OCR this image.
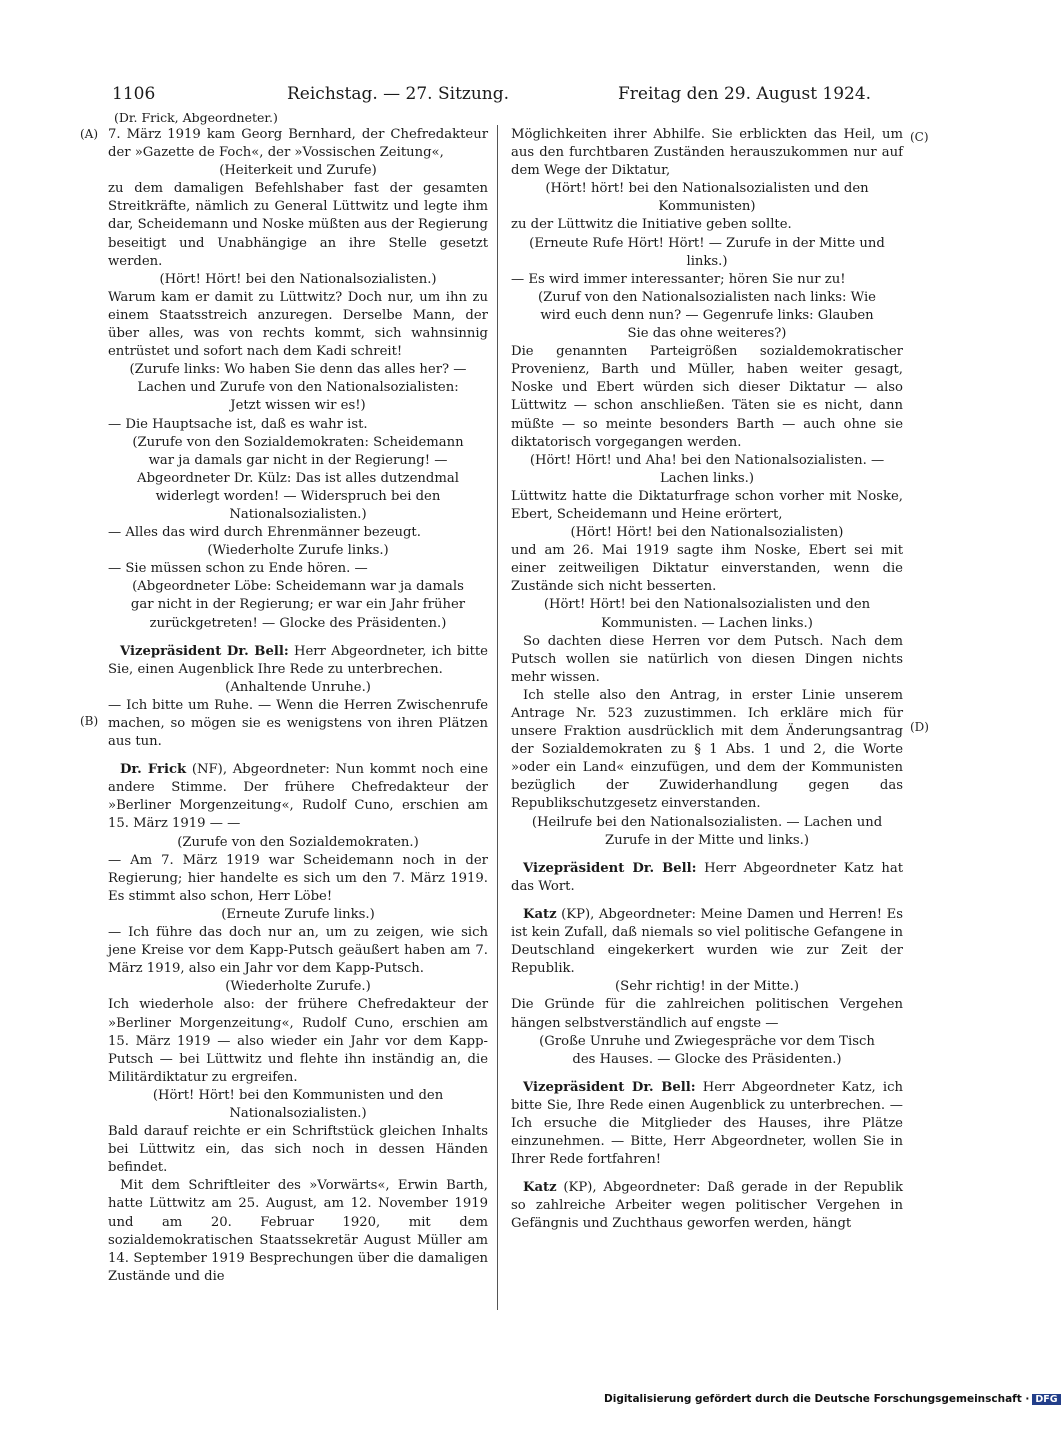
1106	Reichstag. — 27. Sitzung.	Freitag den 29. August 1924.
(Dr. Frick, Abgeordneter.)
(A)
(B)
(C)
(D)

7. März 1919 kam Georg Bernhard, der Chefredakteur der »Gazette de Foch«, der »Vossischen Zeitung«,

(Heiterkeit und Zurufe)

zu dem damaligen Befehlshaber fast der gesamten Streitkräfte, nämlich zu General Lüttwitz und legte ihm dar, Scheidemann und Noske müßten aus der Regierung beseitigt und Unabhängige an ihre Stelle gesetzt werden.

(Hört! Hört! bei den Nationalsozialisten.)

Warum kam er damit zu Lüttwitz? Doch nur, um ihn zu einem Staatsstreich anzuregen. Derselbe Mann, der über alles, was von rechts kommt, sich wahnsinnig entrüstet und sofort nach dem Kadi schreit!

(Zurufe links: Wo haben Sie denn das alles her? — Lachen und Zurufe von den Nationalsozialisten: Jetzt wissen wir es!)

— Die Hauptsache ist, daß es wahr ist.

(Zurufe von den Sozialdemokraten: Scheidemann war ja damals gar nicht in der Regierung! — Abgeordneter Dr. Külz: Das ist alles dutzendmal widerlegt worden! — Widerspruch bei den Nationalsozialisten.)

— Alles das wird durch Ehrenmänner bezeugt.

(Wiederholte Zurufe links.)

— Sie müssen schon zu Ende hören. —

(Abgeordneter Löbe: Scheidemann war ja damals gar nicht in der Regierung; er war ein Jahr früher zurückgetreten! — Glocke des Präsidenten.)

Vizepräsident Dr. Bell: Herr Abgeordneter, ich bitte Sie, einen Augenblick Ihre Rede zu unterbrechen.

(Anhaltende Unruhe.)

— Ich bitte um Ruhe. — Wenn die Herren Zwischenrufe machen, so mögen sie es wenigstens von ihren Plätzen aus tun.

Dr. Frick (NF), Abgeordneter: Nun kommt noch eine andere Stimme. Der frühere Chefredakteur der »Berliner Morgenzeitung«, Rudolf Cuno, erschien am 15. März 1919 — —

(Zurufe von den Sozialdemokraten.)

— Am 7. März 1919 war Scheidemann noch in der Regierung; hier handelte es sich um den 7. März 1919. Es stimmt also schon, Herr Löbe!

(Erneute Zurufe links.)

— Ich führe das doch nur an, um zu zeigen, wie sich jene Kreise vor dem Kapp-Putsch geäußert haben am 7. März 1919, also ein Jahr vor dem Kapp-Putsch.

(Wiederholte Zurufe.)

Ich wiederhole also: der frühere Chefredakteur der »Berliner Morgenzeitung«, Rudolf Cuno, erschien am 15. März 1919 — also wieder ein Jahr vor dem Kapp-Putsch — bei Lüttwitz und flehte ihn inständig an, die Militärdiktatur zu ergreifen.

(Hört! Hört! bei den Kommunisten und den Nationalsozialisten.)

Bald darauf reichte er ein Schriftstück gleichen Inhalts bei Lüttwitz ein, das sich noch in dessen Händen befindet.

Mit dem Schriftleiter des »Vorwärts«, Erwin Barth, hatte Lüttwitz am 25. August, am 12. November 1919 und am 20. Februar 1920, mit dem sozialdemokratischen Staatssekretär August Müller am 14. September 1919 Besprechungen über die damaligen Zustände und die

Möglichkeiten ihrer Abhilfe. Sie erblickten das Heil, um aus den furchtbaren Zuständen herauszukommen nur auf dem Wege der Diktatur,

(Hört! hört! bei den Nationalsozialisten und den Kommunisten)

zu der Lüttwitz die Initiative geben sollte.

(Erneute Rufe Hört! Hört! — Zurufe in der Mitte und links.)

— Es wird immer interessanter; hören Sie nur zu!

(Zuruf von den Nationalsozialisten nach links: Wie wird euch denn nun? — Gegenrufe links: Glauben Sie das ohne weiteres?)

Die genannten Parteigrößen sozialdemokratischer Provenienz, Barth und Müller, haben weiter gesagt, Noske und Ebert würden sich dieser Diktatur — also Lüttwitz — schon anschließen. Täten sie es nicht, dann müßte — so meinte besonders Barth — auch ohne sie diktatorisch vorgegangen werden.

(Hört! Hört! und Aha! bei den Nationalsozialisten. — Lachen links.)

Lüttwitz hatte die Diktaturfrage schon vorher mit Noske, Ebert, Scheidemann und Heine erörtert,

(Hört! Hört! bei den Nationalsozialisten)

und am 26. Mai 1919 sagte ihm Noske, Ebert sei mit einer zeitweiligen Diktatur einverstanden, wenn die Zustände sich nicht besserten.

(Hört! Hört! bei den Nationalsozialisten und den Kommunisten. — Lachen links.)

So dachten diese Herren vor dem Putsch. Nach dem Putsch wollen sie natürlich von diesen Dingen nichts mehr wissen.

Ich stelle also den Antrag, in erster Linie unserem Antrage Nr. 523 zuzustimmen. Ich erkläre mich für unsere Fraktion ausdrücklich mit dem Änderungsantrag der Sozialdemokraten zu § 1 Abs. 1 und 2, die Worte »oder ein Land« einzufügen, und dem der Kommunisten bezüglich der Zuwiderhandlung gegen das Republikschutzgesetz einverstanden.

(Heilrufe bei den Nationalsozialisten. — Lachen und Zurufe in der Mitte und links.)

Vizepräsident Dr. Bell: Herr Abgeordneter Katz hat das Wort.

Katz (KP), Abgeordneter: Meine Damen und Herren! Es ist kein Zufall, daß niemals so viel politische Gefangene in Deutschland eingekerkert wurden wie zur Zeit der Republik.

(Sehr richtig! in der Mitte.)

Die Gründe für die zahlreichen politischen Vergehen hängen selbstverständlich auf engste —

(Große Unruhe und Zwiegespräche vor dem Tisch des Hauses. — Glocke des Präsidenten.)

Vizepräsident Dr. Bell: Herr Abgeordneter Katz, ich bitte Sie, Ihre Rede einen Augenblick zu unterbrechen. — Ich ersuche die Mitglieder des Hauses, ihre Plätze einzunehmen. — Bitte, Herr Abgeordneter, wollen Sie in Ihrer Rede fortfahren!

Katz (KP), Abgeordneter: Daß gerade in der Republik so zahlreiche Arbeiter wegen politischer Vergehen in Gefängnis und Zuchthaus geworfen werden, hängt

Digitalisierung gefördert durch die Deutsche Forschungsgemeinschaft · DFG
